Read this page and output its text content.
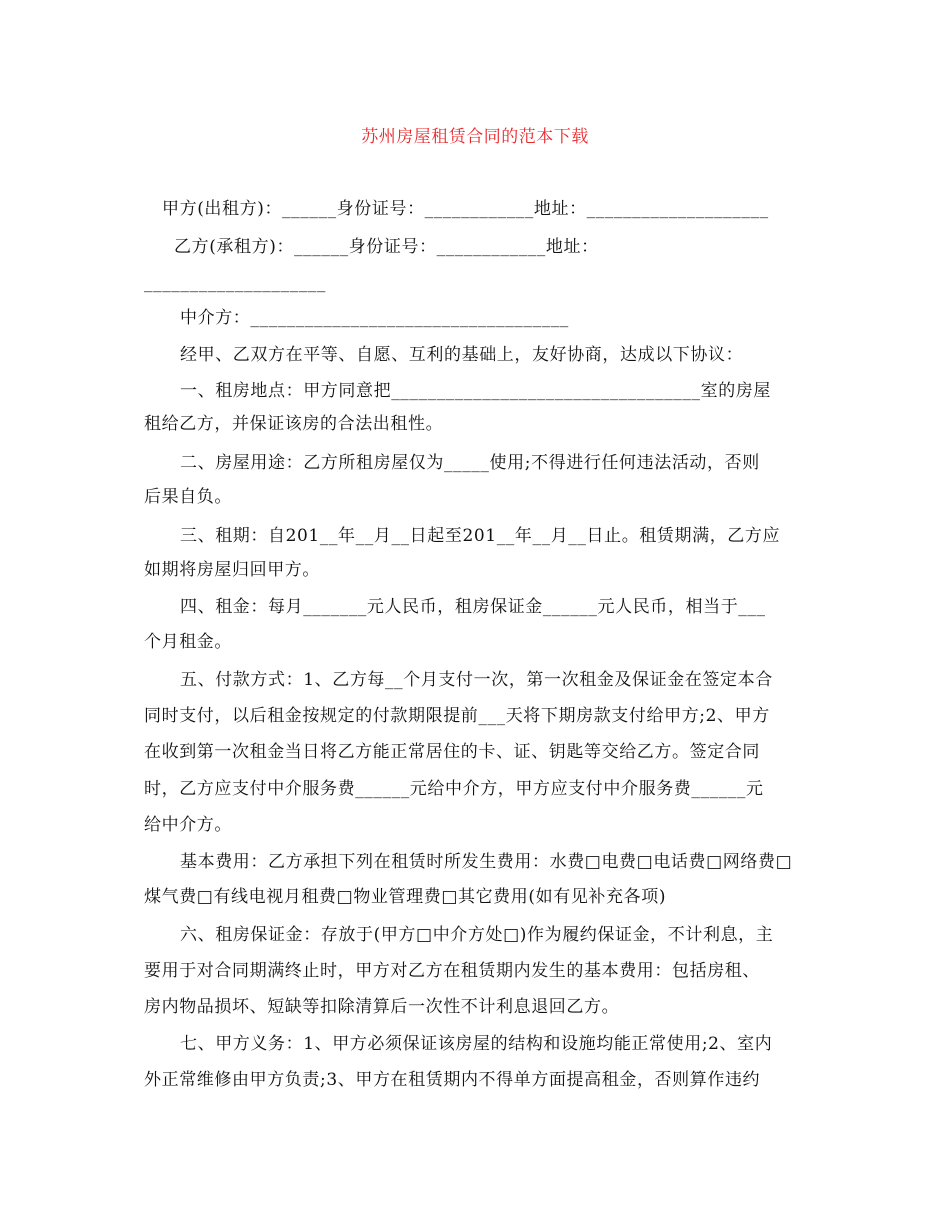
苏州房屋租赁合同的范本下载
甲方(出租方)：______身份证号：____________地址：____________________
乙方(承租方)：______身份证号：____________地址：
____________________
中介方：___________________________________
经甲、乙双方在平等、自愿、互利的基础上，友好协商，达成以下协议：
一、租房地点：甲方同意把__________________________________室的房屋
租给乙方，并保证该房的合法出租性。
二、房屋用途：乙方所租房屋仅为_____使用;不得进行任何违法活动，否则
后果自负。
三、租期：自201__年__月__日起至201__年__月__日止。租赁期满，乙方应
如期将房屋归回甲方。
四、租金：每月_______元人民币，租房保证金______元人民币，相当于___
个月租金。
五、付款方式：1、乙方每__个月支付一次，第一次租金及保证金在签定本合
同时支付，以后租金按规定的付款期限提前___天将下期房款支付给甲方;2、甲方
在收到第一次租金当日将乙方能正常居住的卡、证、钥匙等交给乙方。签定合同
时，乙方应支付中介服务费______元给中介方，甲方应支付中介服务费______元
给中介方。
基本费用：乙方承担下列在租赁时所发生费用：水费□电费□电话费□网络费□
煤气费□有线电视月租费□物业管理费□其它费用(如有见补充各项)
六、租房保证金：存放于(甲方□中介方处□)作为履约保证金，不计利息，主
要用于对合同期满终止时，甲方对乙方在租赁期内发生的基本费用：包括房租、
房内物品损坏、短缺等扣除清算后一次性不计利息退回乙方。
七、甲方义务：1、甲方必须保证该房屋的结构和设施均能正常使用;2、室内
外正常维修由甲方负责;3、甲方在租赁期内不得单方面提高租金，否则算作违约
